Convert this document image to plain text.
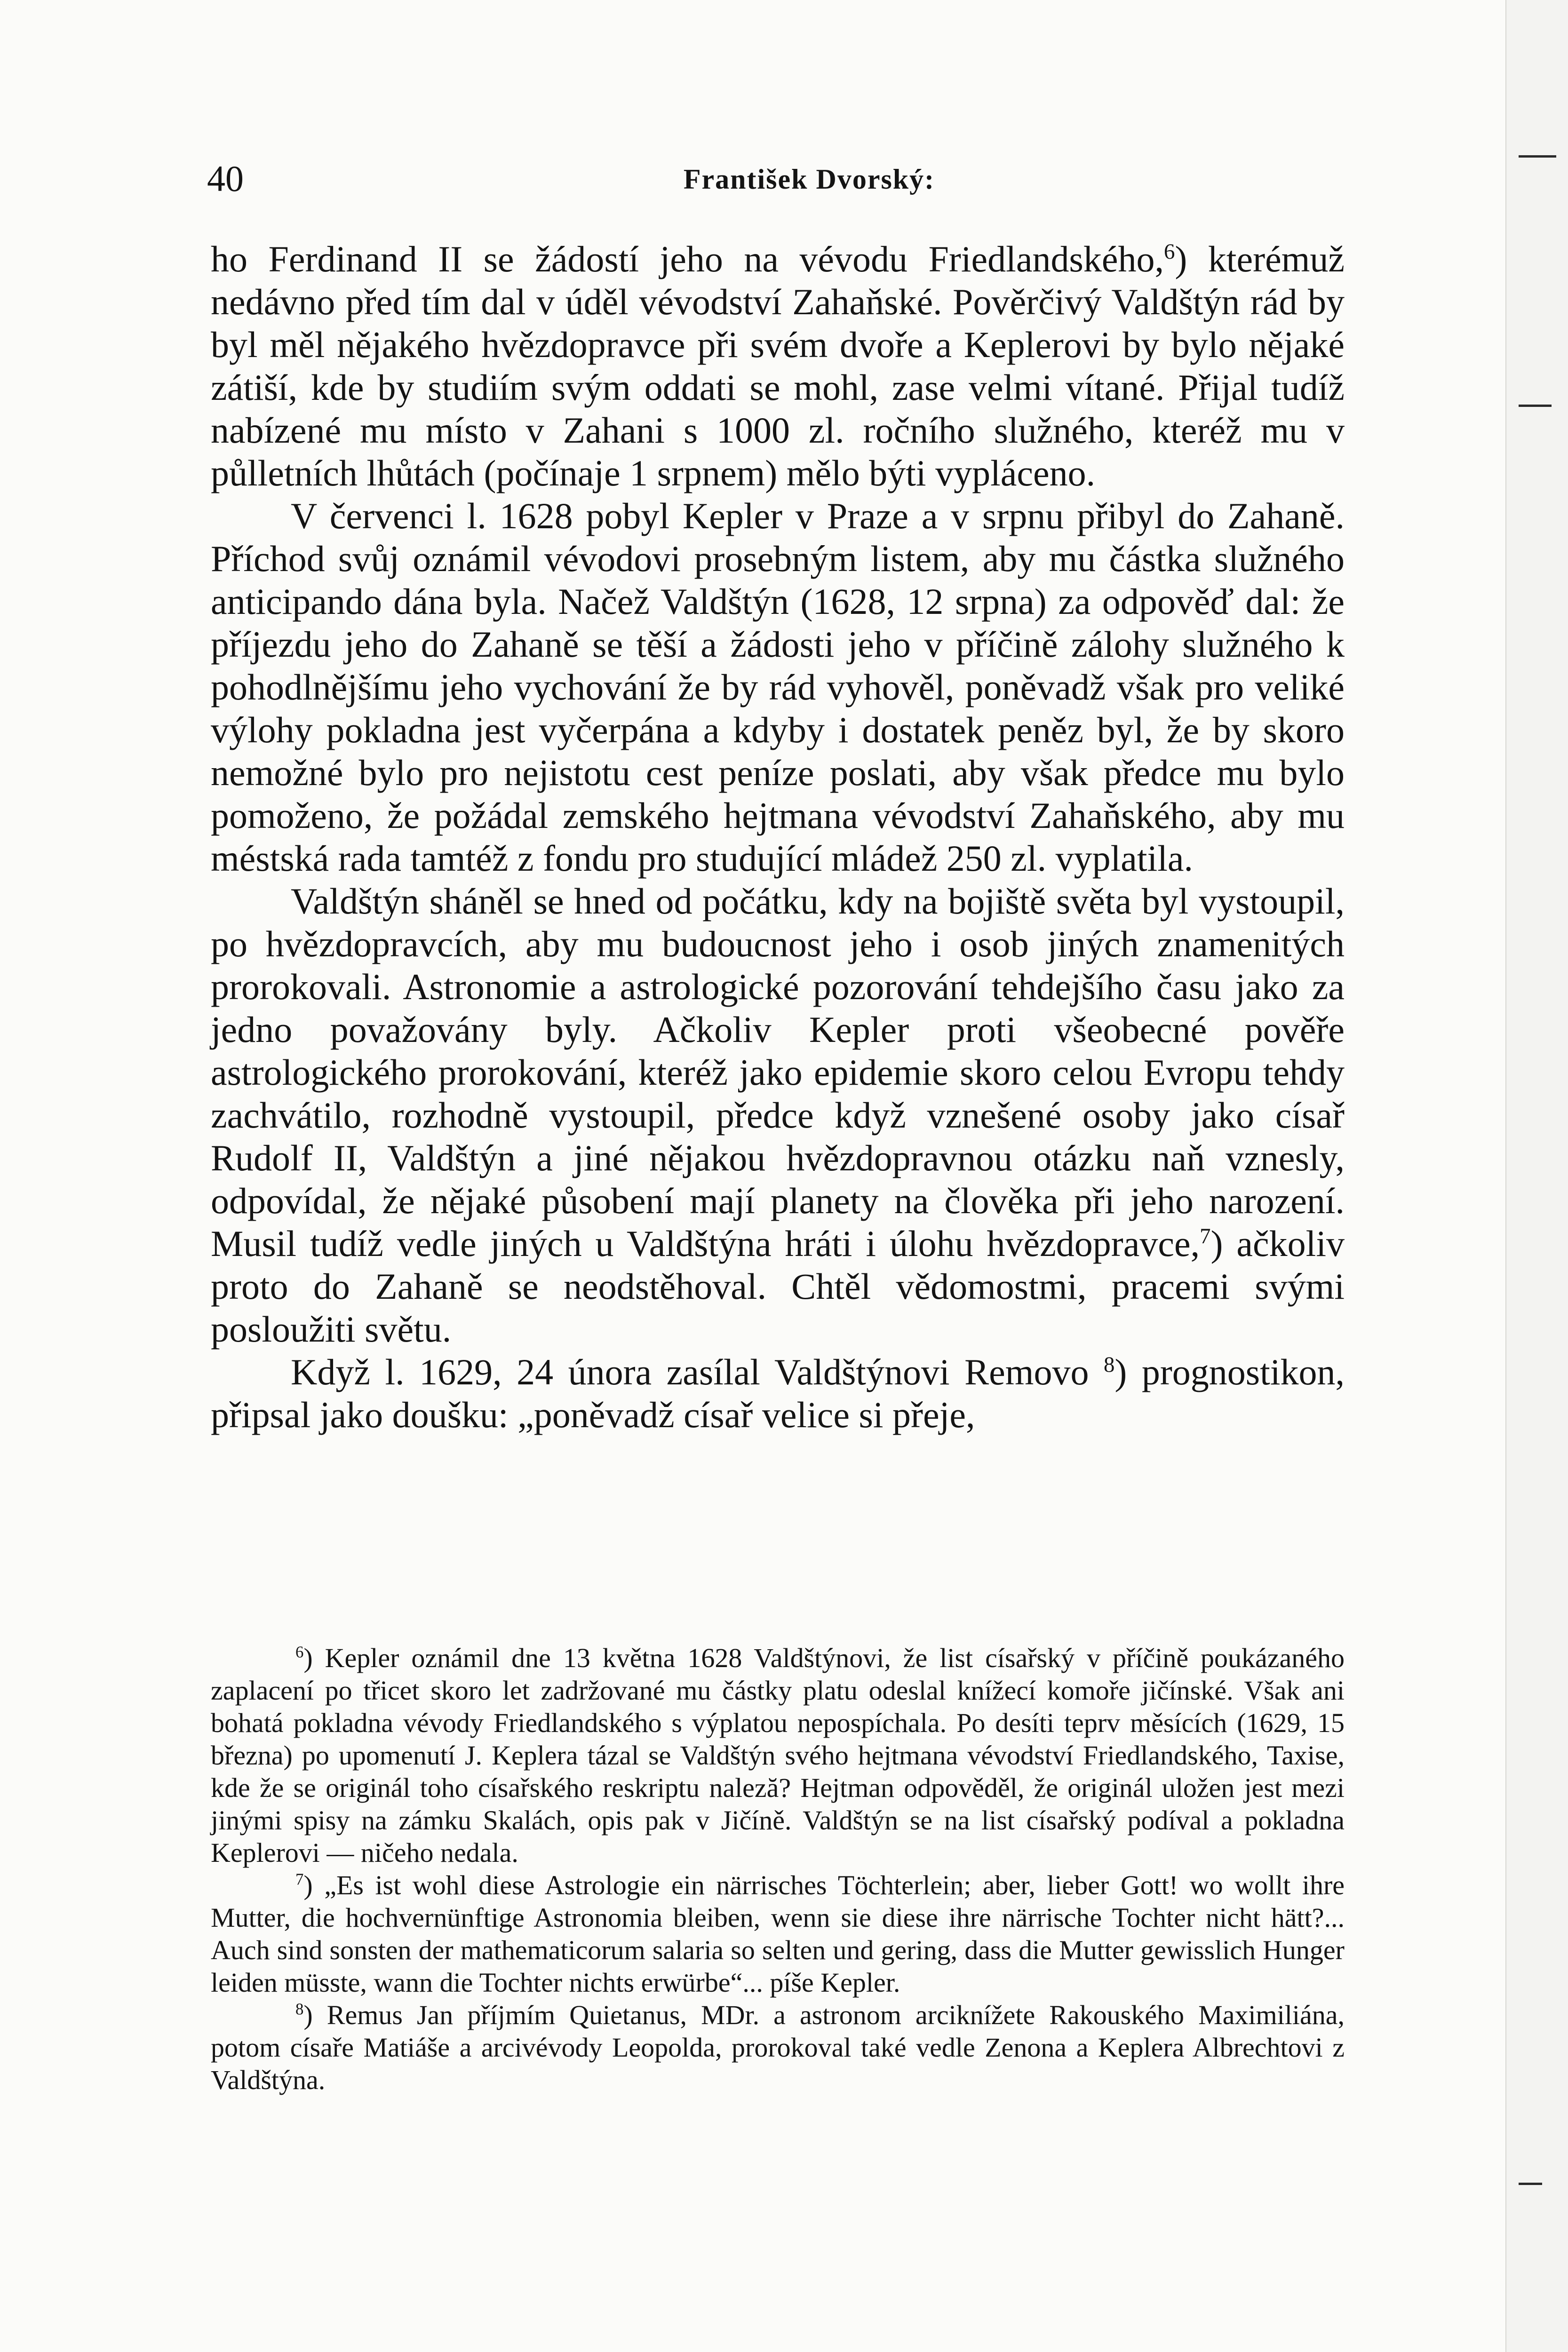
40	František Dvorský:

ho Ferdinand II se žádostí jeho na vévodu Friedlandského,$^6$) kterémuž nedávno před tím dal v úděl vévodství Zahaňské. Pověrčivý Valdštýn rád by byl měl nějakého hvězdopravce při svém dvoře a Keplerovi by bylo nějaké zátiší, kde by studiím svým oddati se mohl, zase velmi vítané. Přijal tudíž nabízené mu místo v Zahani s 1000 zl. ročního služného, kteréž mu v půlletních lhůtách (počínaje 1 srpnem) mělo býti vypláceno.

V červenci l. 1628 pobyl Kepler v Praze a v srpnu přibyl do Zahaně. Příchod svůj oznámil vévodovi prosebným listem, aby mu částka služného anticipando dána byla. Načež Valdštýn (1628, 12 srpna) za odpověď dal: že příjezdu jeho do Zahaně se těší a žádosti jeho v příčině zálohy služného k pohodlnějšímu jeho vychování že by rád vyhověl, poněvadž však pro veliké výlohy pokladna jest vyčerpána a kdyby i dostatek peněz byl, že by skoro nemožné bylo pro nejistotu cest peníze poslati, aby však předce mu bylo pomoženo, že požádal zemského hejtmana vévodství Zahaňského, aby mu méstská rada tamtéž z fondu pro studující mládež 250 zl. vyplatila.

Valdštýn sháněl se hned od počátku, kdy na bojiště světa byl vystoupil, po hvězdopravcích, aby mu budoucnost jeho i osob jiných znamenitých prorokovali. Astronomie a astrologické pozorování tehdejšího času jako za jedno považovány byly. Ačkoliv Kepler proti všeobecné pověře astrologického prorokování, kteréž jako epidemie skoro celou Evropu tehdy zachvátilo, rozhodně vystoupil, předce když vznešené osoby jako císař Rudolf II, Valdštýn a jiné nějakou hvězdopravnou otázku naň vznesly, odpovídal, že nějaké působení mají planety na člověka při jeho narození. Musil tudíž vedle jiných u Valdštýna hráti i úlohu hvězdopravce,$^7$) ačkoliv proto do Zahaně se neodstěhoval. Chtěl vědomostmi, pracemi svými posloužiti světu.

Když l. 1629, 24 února zasílal Valdštýnovi Removo $^8$) prognostikon, připsal jako doušku: „poněvadž císař velice si přeje,

$^6$) Kepler oznámil dne 13 května 1628 Valdštýnovi, že list císařský v příčině poukázaného zaplacení po třicet skoro let zadržované mu částky platu odeslal knížecí komoře jičínské. Však ani bohatá pokladna vévody Friedlandského s výplatou nepospíchala. Po desíti teprv měsících (1629, 15 března) po upomenutí J. Keplera tázal se Valdštýn svého hejtmana vévodství Friedlandského, Taxise, kde že se originál toho císařského reskriptu naleză? Hejtman odpověděl, že originál uložen jest mezi jinými spisy na zámku Skalách, opis pak v Jičíně. Valdštýn se na list císařský podíval a pokladna Keplerovi — ničeho nedala.

$^7$) „Es ist wohl diese Astrologie ein närrisches Töchterlein; aber, lieber Gott! wo wollt ihre Mutter, die hochvernünftige Astronomia bleiben, wenn sie diese ihre närrische Tochter nicht hätt?... Auch sind sonsten der mathematicorum salaria so selten und gering, dass die Mutter gewisslich Hunger leiden müsste, wann die Tochter nichts erwürbe“... píše Kepler.

$^8$) Remus Jan příjmím Quietanus, MDr. a astronom arciknížete Rakouského Maximiliána, potom císaře Matiáše a arcivévody Leopolda, prorokoval také vedle Zenona a Keplera Albrechtovi z Valdštýna.
